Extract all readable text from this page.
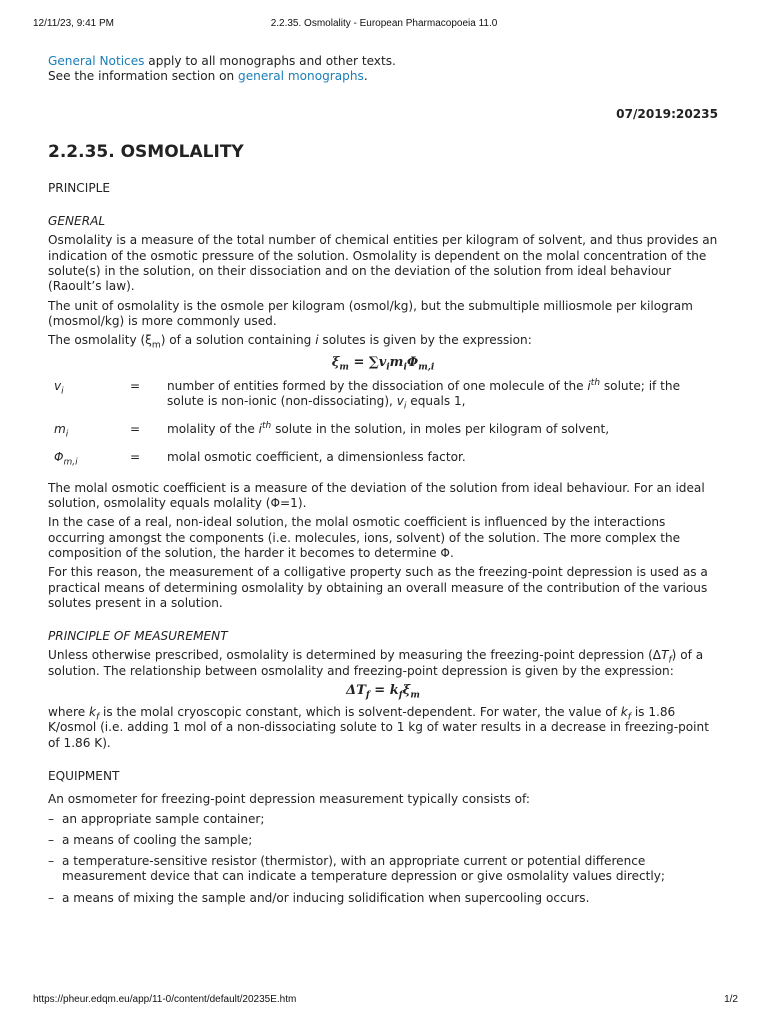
12/11/23, 9:41 PM	2.2.35. Osmolality - European Pharmacopoeia 11.0

General Notices apply to all monographs and other texts.

See the information section on general monographs.

07/2019:20235
2.2.35. OSMOLALITY
PRINCIPLE
GENERAL

Osmolality is a measure of the total number of chemical entities per kilogram of solvent, and thus provides an indication of the osmotic pressure of the solution. Osmolality is dependent on the molal concentration of the solute(s) in the solution, on their dissociation and on the deviation of the solution from ideal behaviour (Raoult’s law).

The unit of osmolality is the osmole per kilogram (osmol/kg), but the submultiple milliosmole per kilogram (mosmol/kg) is more commonly used.

The osmolality $(\xi_m)$ of a solution containing i solutes is given by the expression:

$\xi_m = \sum v_im_i\Phi_{m,i}$
$v_i$	=	number of entities formed by the dissociation of one molecule of the $i^{th}$ solute; if the solute is non-ionic (non-dissociating), $v_i$ equals 1,
$m_i$	=	molality of the $i^{th}$ solute in the solution, in moles per kilogram of solvent,
$\Phi_{m,i}$	=	molal osmotic coefficient, a dimensionless factor.

The molal osmotic coefficient is a measure of the deviation of the solution from ideal behaviour. For an ideal solution, osmolality equals molality (Φ=1).

In the case of a real, non-ideal solution, the molal osmotic coefficient is influenced by the interactions occurring amongst the components (i.e. molecules, ions, solvent) of the solution. The more complex the composition of the solution, the harder it becomes to determine Φ.

For this reason, the measurement of a colligative property such as the freezing-point depression is used as a practical means of determining osmolality by obtaining an overall measure of the contribution of the various solutes present in a solution.

PRINCIPLE OF MEASUREMENT

Unless otherwise prescribed, osmolality is determined by measuring the freezing-point depression $(\Delta T_f)$ of a solution. The relationship between osmolality and freezing-point depression is given by the expression:

$\Delta T_f = k_f\xi_m$

where $k_f$ is the molal cryoscopic constant, which is solvent-dependent. For water, the value of $k_f$ is 1.86 K/osmol (i.e. adding 1 mol of a non-dissociating solute to 1 kg of water results in a decrease in freezing-point of 1.86 K).

EQUIPMENT

An osmometer for freezing-point depression measurement typically consists of:

– an appropriate sample container;
– a means of cooling the sample;
– a temperature-sensitive resistor (thermistor), with an appropriate current or potential difference measurement device that can indicate a temperature depression or give osmolality values directly;
– a means of mixing the sample and/or inducing solidification when supercooling occurs.
https://pheur.edqm.eu/app/11-0/content/default/20235E.htm	1/2
